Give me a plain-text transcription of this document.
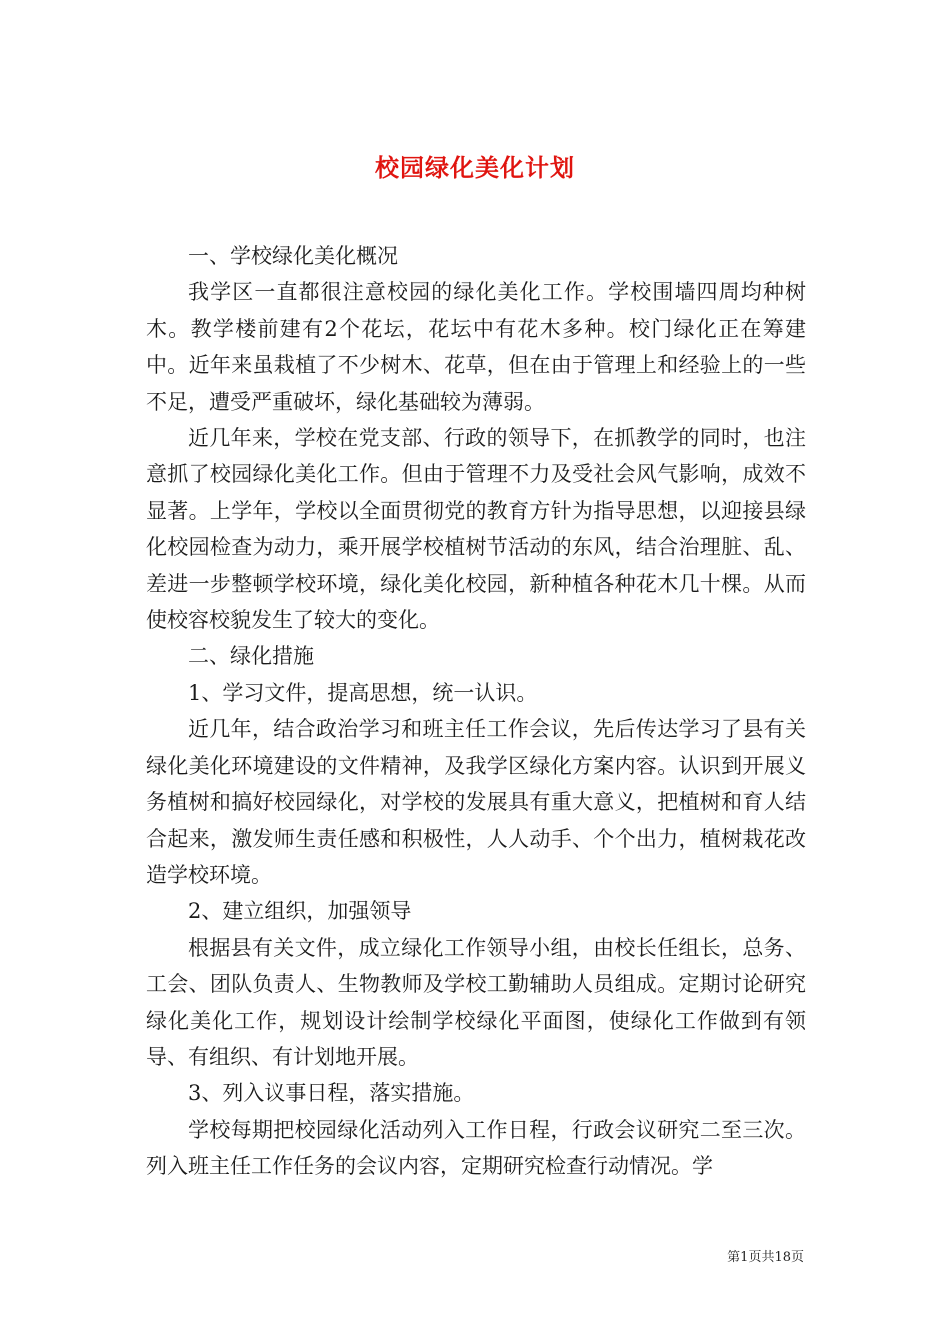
校园绿化美化计划

一、学校绿化美化概况

我学区一直都很注意校园的绿化美化工作。学校围墙四周均种树木。教学楼前建有2个花坛，花坛中有花木多种。校门绿化正在筹建中。近年来虽栽植了不少树木、花草，但在由于管理上和经验上的一些不足，遭受严重破坏，绿化基础较为薄弱。

近几年来，学校在党支部、行政的领导下，在抓教学的同时，也注意抓了校园绿化美化工作。但由于管理不力及受社会风气影响，成效不显著。上学年，学校以全面贯彻党的教育方针为指导思想，以迎接县绿化校园检查为动力，乘开展学校植树节活动的东风，结合治理脏、乱、差进一步整顿学校环境，绿化美化校园，新种植各种花木几十棵。从而使校容校貌发生了较大的变化。

二、绿化措施

1、学习文件，提高思想，统一认识。

近几年，结合政治学习和班主任工作会议，先后传达学习了县有关绿化美化环境建设的文件精神，及我学区绿化方案内容。认识到开展义务植树和搞好校园绿化，对学校的发展具有重大意义，把植树和育人结合起来，激发师生责任感和积极性，人人动手、个个出力，植树栽花改造学校环境。

2、建立组织，加强领导

根据县有关文件，成立绿化工作领导小组，由校长任组长，总务、工会、团队负责人、生物教师及学校工勤辅助人员组成。定期讨论研究绿化美化工作，规划设计绘制学校绿化平面图，使绿化工作做到有领导、有组织、有计划地开展。

3、列入议事日程，落实措施。

学校每期把校园绿化活动列入工作日程，行政会议研究二至三次。列入班主任工作任务的会议内容，定期研究检查行动情况。学

第1页共18页
